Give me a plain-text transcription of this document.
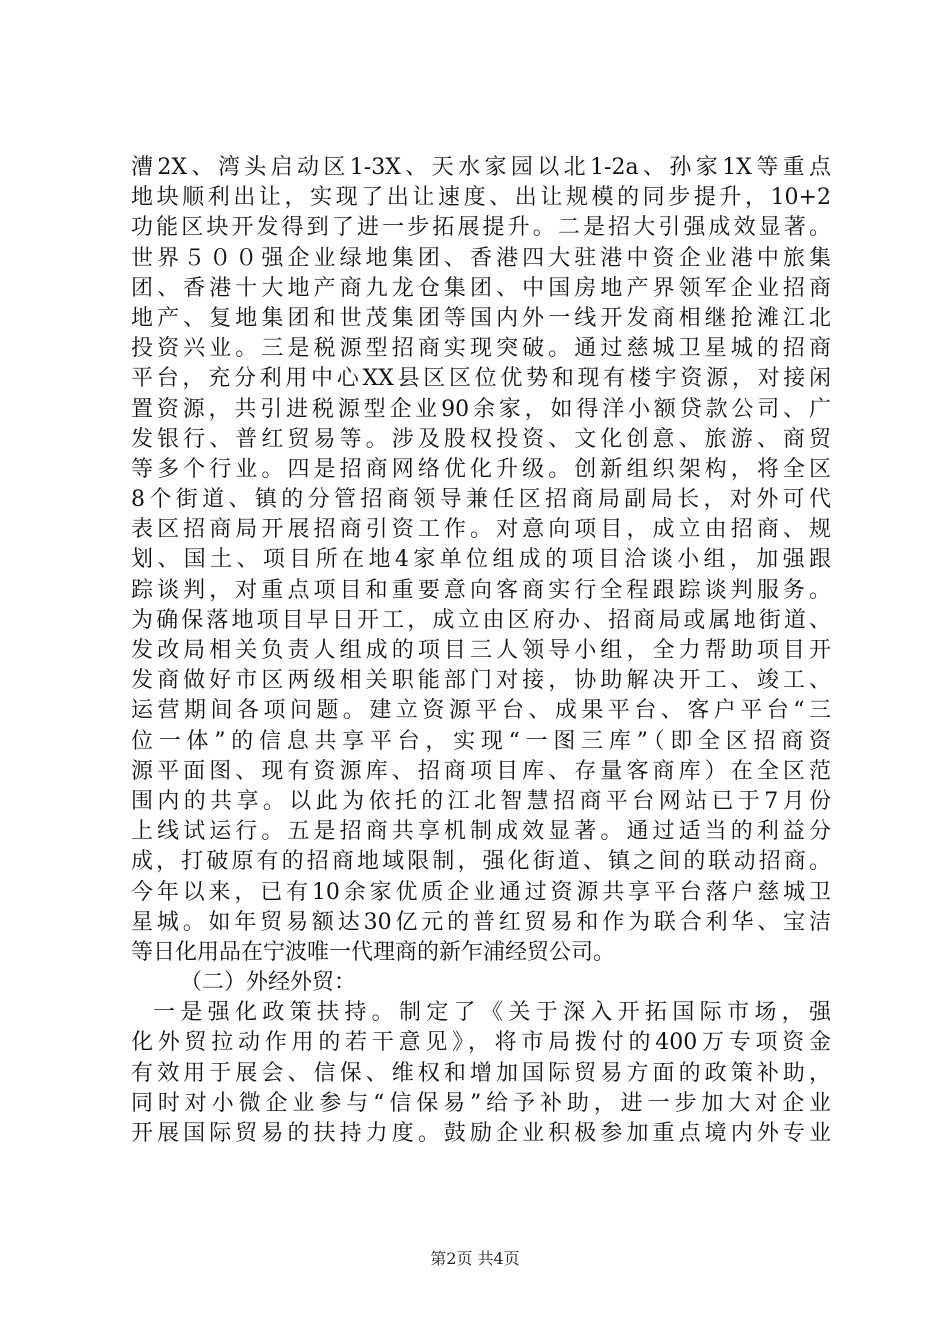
漕2X、湾头启动区1-3X、天水家园以北1-2a、孙家1X等重点
地块顺利出让，实现了出让速度、出让规模的同步提升，10+2
功能区块开发得到了进一步拓展提升。二是招大引强成效显著。
世界５００强企业绿地集团、香港四大驻港中资企业港中旅集
团、香港十大地产商九龙仓集团、中国房地产界领军企业招商
地产、复地集团和世茂集团等国内外一线开发商相继抢滩江北
投资兴业。三是税源型招商实现突破。通过慈城卫星城的招商
平台，充分利用中心XX县区区位优势和现有楼宇资源，对接闲
置资源，共引进税源型企业90余家，如得洋小额贷款公司、广
发银行、普红贸易等。涉及股权投资、文化创意、旅游、商贸
等多个行业。四是招商网络优化升级。创新组织架构，将全区
8个街道、镇的分管招商领导兼任区招商局副局长，对外可代
表区招商局开展招商引资工作。对意向项目，成立由招商、规
划、国土、项目所在地4家单位组成的项目洽谈小组，加强跟
踪谈判，对重点项目和重要意向客商实行全程跟踪谈判服务。
为确保落地项目早日开工，成立由区府办、招商局或属地街道、
发改局相关负责人组成的项目三人领导小组，全力帮助项目开
发商做好市区两级相关职能部门对接，协助解决开工、竣工、
运营期间各项问题。建立资源平台、成果平台、客户平台“三
位一体”的信息共享平台，实现“一图三库”（即全区招商资
源平面图、现有资源库、招商项目库、存量客商库）在全区范
围内的共享。以此为依托的江北智慧招商平台网站已于7月份
上线试运行。五是招商共享机制成效显著。通过适当的利益分
成，打破原有的招商地域限制，强化街道、镇之间的联动招商。
今年以来，已有10余家优质企业通过资源共享平台落户慈城卫
星城。如年贸易额达30亿元的普红贸易和作为联合利华、宝洁
等日化用品在宁波唯一代理商的新乍浦经贸公司。
（二）外经外贸：
一是强化政策扶持。制定了《关于深入开拓国际市场，强
化外贸拉动作用的若干意见》，将市局拨付的400万专项资金
有效用于展会、信保、维权和增加国际贸易方面的政策补助，
同时对小微企业参与“信保易”给予补助，进一步加大对企业
开展国际贸易的扶持力度。鼓励企业积极参加重点境内外专业
第2页 共4页
